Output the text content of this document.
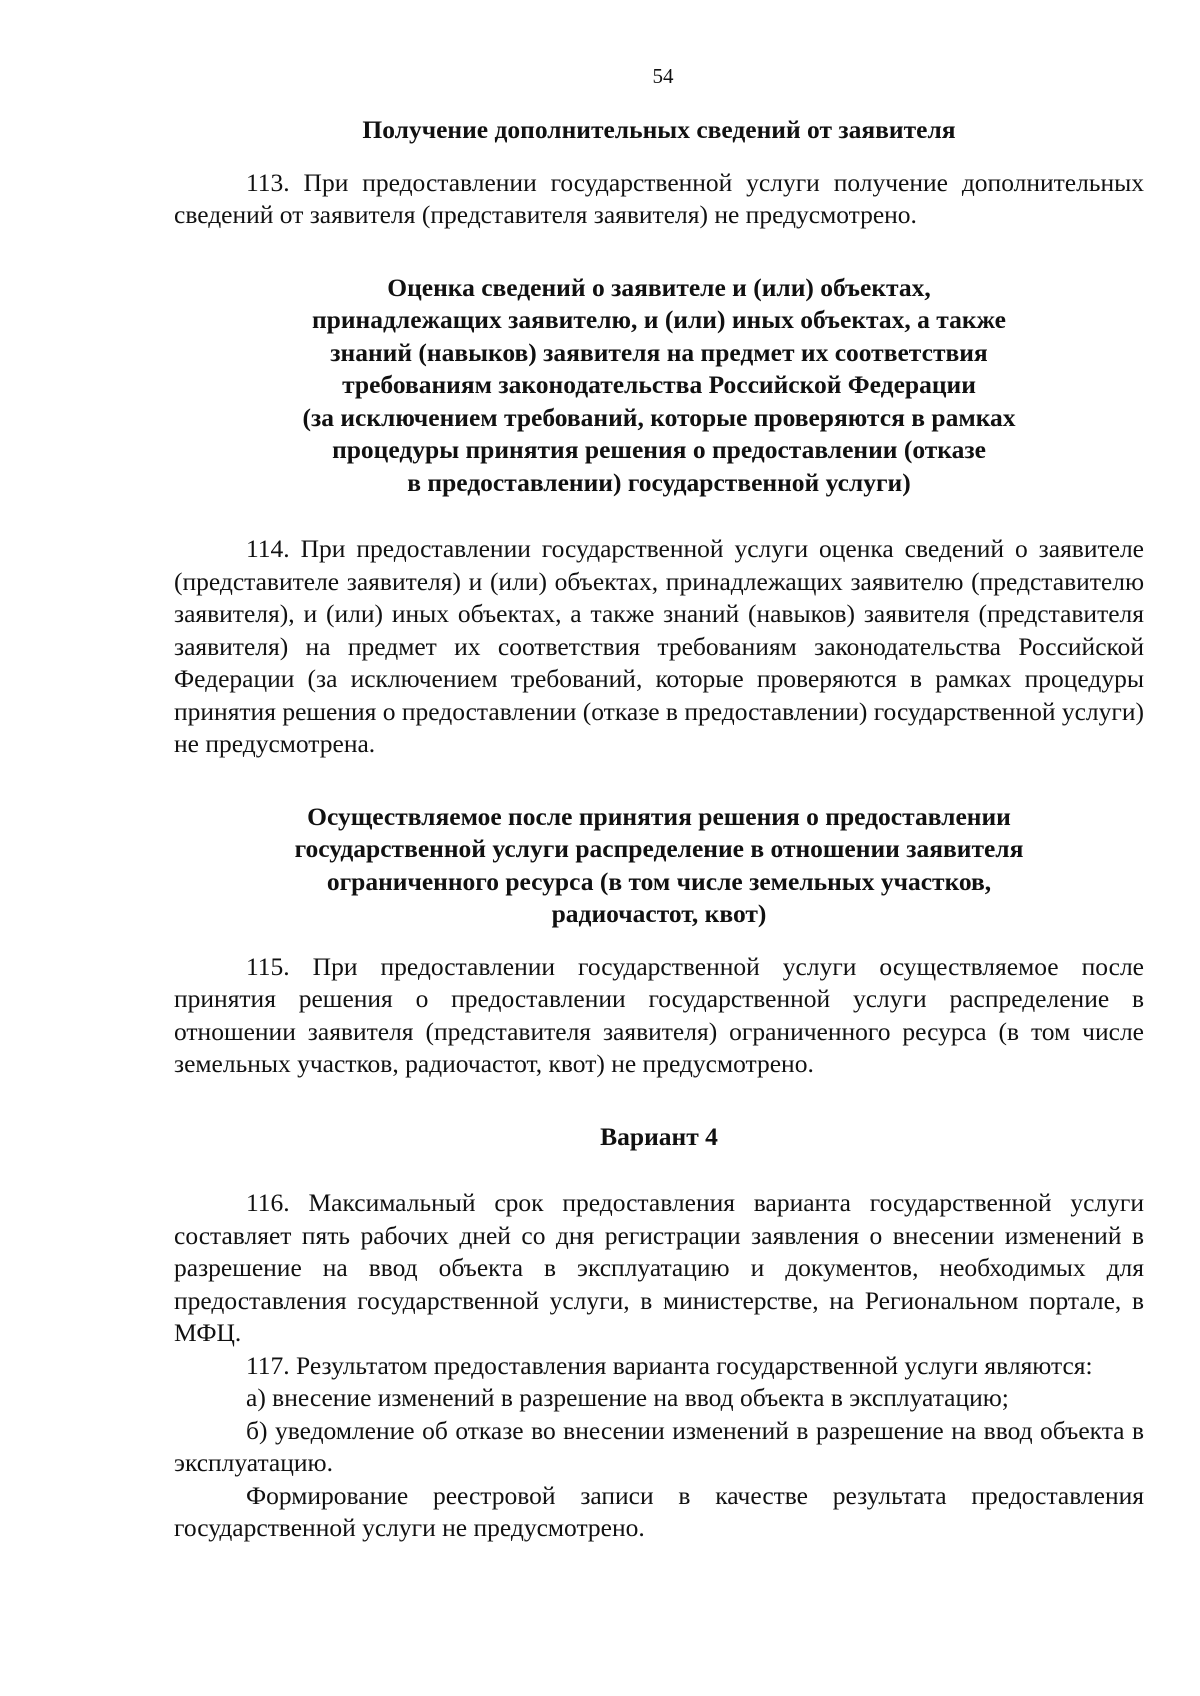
54
Получение дополнительных сведений от заявителя

113. При предоставлении государственной услуги получение дополнительных сведений от заявителя (представителя заявителя) не предусмотрено.

Оценка сведений о заявителе и (или) объектах,
принадлежащих заявителю, и (или) иных объектах, а также
знаний (навыков) заявителя на предмет их соответствия
требованиям законодательства Российской Федерации
(за исключением требований, которые проверяются в рамках
процедуры принятия решения о предоставлении (отказе
в предоставлении) государственной услуги)

114. При предоставлении государственной услуги оценка сведений о заявителе (представителе заявителя) и (или) объектах, принадлежащих заявителю (представителю заявителя), и (или) иных объектах, а также знаний (навыков) заявителя (представителя заявителя) на предмет их соответствия требованиям законодательства Российской Федерации (за исключением требований, которые проверяются в рамках процедуры принятия решения о предоставлении (отказе в предоставлении) государственной услуги) не предусмотрена.

Осуществляемое после принятия решения о предоставлении
государственной услуги распределение в отношении заявителя
ограниченного ресурса (в том числе земельных участков,
радиочастот, квот)

115. При предоставлении государственной услуги осуществляемое после принятия решения о предоставлении государственной услуги распределение в отношении заявителя (представителя заявителя) ограниченного ресурса (в том числе земельных участков, радиочастот, квот) не предусмотрено.

Вариант 4

116. Максимальный срок предоставления варианта государственной услуги составляет пять рабочих дней со дня регистрации заявления о внесении изменений в разрешение на ввод объекта в эксплуатацию и документов, необходимых для предоставления государственной услуги, в министерстве, на Региональном портале, в МФЦ.

117. Результатом предоставления варианта государственной услуги являются:

а) внесение изменений в разрешение на ввод объекта в эксплуатацию;

б) уведомление об отказе во внесении изменений в разрешение на ввод объекта в эксплуатацию.

Формирование реестровой записи в качестве результата предоставления государственной услуги не предусмотрено.
